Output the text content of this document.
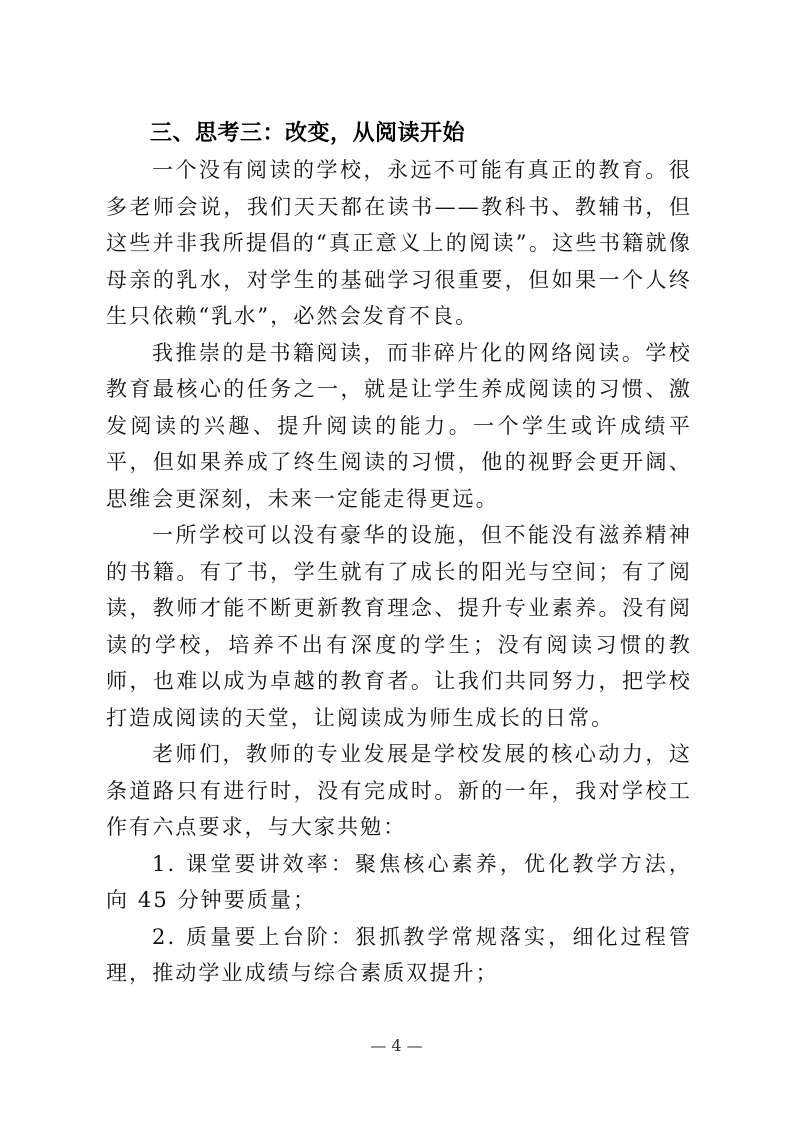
三、思考三：改变，从阅读开始

一个没有阅读的学校，永远不可能有真正的教育。很多老师会说，我们天天都在读书——教科书、教辅书，但这些并非我所提倡的“真正意义上的阅读”。这些书籍就像母亲的乳水，对学生的基础学习很重要，但如果一个人终生只依赖“乳水”，必然会发育不良。

我推崇的是书籍阅读，而非碎片化的网络阅读。学校教育最核心的任务之一，就是让学生养成阅读的习惯、激发阅读的兴趣、提升阅读的能力。一个学生或许成绩平平，但如果养成了终生阅读的习惯，他的视野会更开阔、思维会更深刻，未来一定能走得更远。

一所学校可以没有豪华的设施，但不能没有滋养精神的书籍。有了书，学生就有了成长的阳光与空间；有了阅读，教师才能不断更新教育理念、提升专业素养。没有阅读的学校，培养不出有深度的学生；没有阅读习惯的教师，也难以成为卓越的教育者。让我们共同努力，把学校打造成阅读的天堂，让阅读成为师生成长的日常。

老师们，教师的专业发展是学校发展的核心动力，这条道路只有进行时，没有完成时。新的一年，我对学校工作有六点要求，与大家共勉：

1. 课堂要讲效率：聚焦核心素养，优化教学方法，向 45 分钟要质量；

2. 质量要上台阶：狠抓教学常规落实，细化过程管理，推动学业成绩与综合素质双提升；

— 4 —
